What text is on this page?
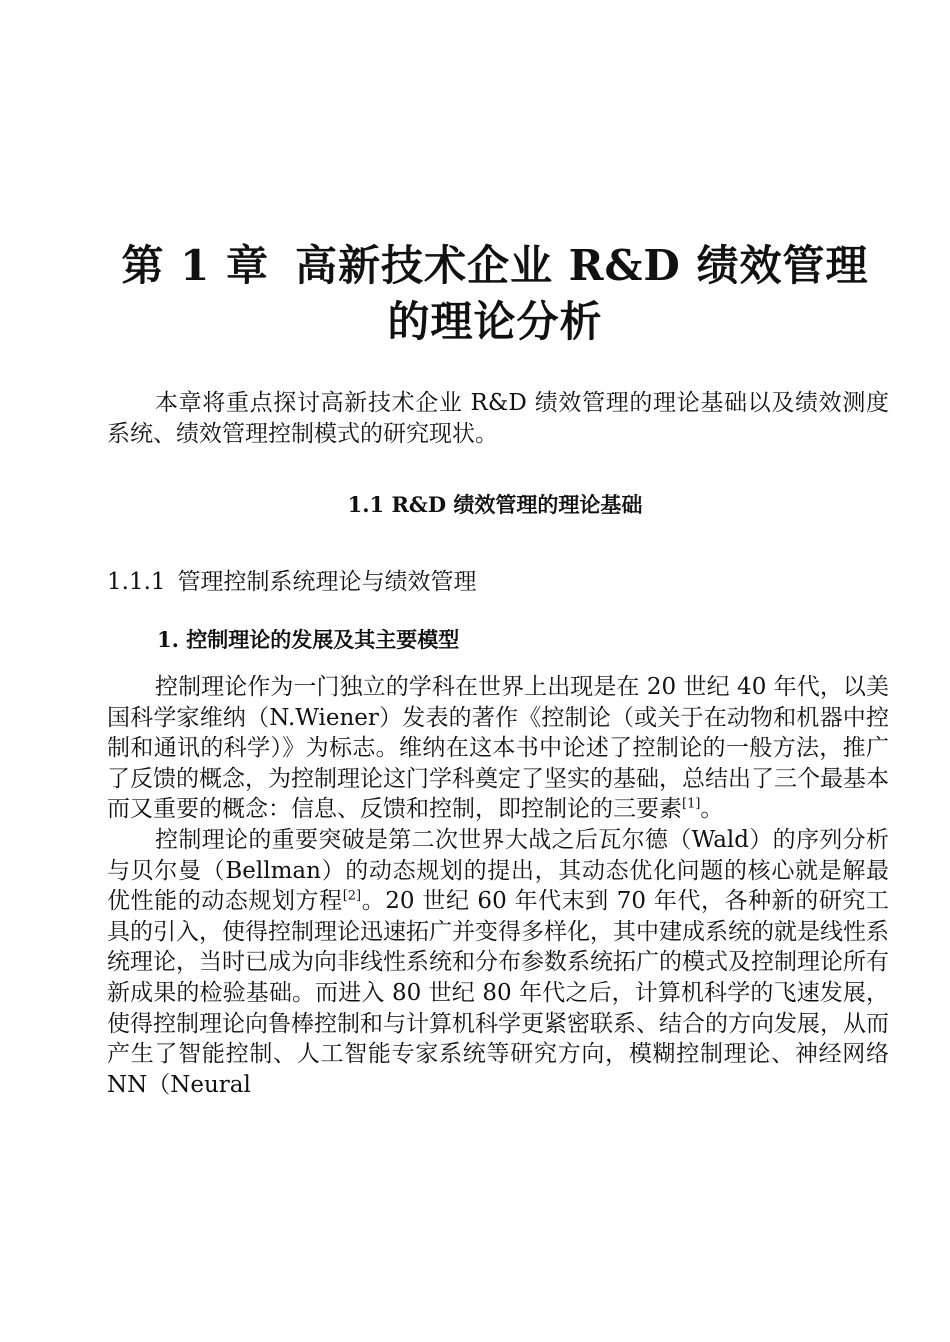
第 1 章 高新技术企业 R&D 绩效管理
的理论分析

本章将重点探讨高新技术企业 R&D 绩效管理的理论基础以及绩效测度系统、绩效管理控制模式的研究现状。

1.1 R&D 绩效管理的理论基础
1.1.1 管理控制系统理论与绩效管理
1. 控制理论的发展及其主要模型

控制理论作为一门独立的学科在世界上出现是在 20 世纪 40 年代，以美国科学家维纳（N.Wiener）发表的著作《控制论（或关于在动物和机器中控制和通讯的科学）》为标志。维纳在这本书中论述了控制论的一般方法，推广了反馈的概念，为控制理论这门学科奠定了坚实的基础，总结出了三个最基本而又重要的概念：信息、反馈和控制，即控制论的三要素[1]。

控制理论的重要突破是第二次世界大战之后瓦尔德（Wald）的序列分析与贝尔曼（Bellman）的动态规划的提出，其动态优化问题的核心就是解最优性能的动态规划方程[2]。20 世纪 60 年代末到 70 年代，各种新的研究工具的引入，使得控制理论迅速拓广并变得多样化，其中建成系统的就是线性系统理论，当时已成为向非线性系统和分布参数系统拓广的模式及控制理论所有新成果的检验基础。而进入 80 世纪 80 年代之后，计算机科学的飞速发展，使得控制理论向鲁棒控制和与计算机科学更紧密联系、结合的方向发展，从而产生了智能控制、人工智能专家系统等研究方向，模糊控制理论、神经网络 NN（Neural
